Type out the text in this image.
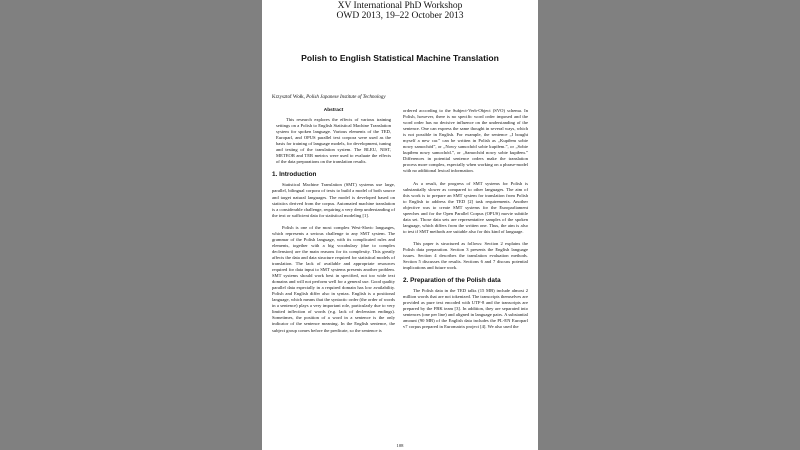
XV International PhD Workshop
OWD 2013, 19–22 October 2013
Polish to English Statistical Machine Translation
Krzysztof Wołk, Polish Japanese Institute of Technology
Abstract

This research explores the effects of various training settings on a Polish to English Statistical Machine Translation system for spoken language. Various elements of the TED, Europarl, and OPUS parallel text corpora were used as the basis for training of language models, for development, tuning and testing of the translation system. The BLEU, NIST, METEOR and TER metrics were used to evaluate the effects of the data preparations on the translation results.

1. Introduction

Statistical Machine Translation (SMT) systems use large, parallel, bilingual corpora of texts to build a model of both source and target natural languages. The model is developed based on statistics derived from the corpus. Automated machine translation is a considerable challenge, requiring a very deep understanding of the text or sufficient data for statistical modeling [1].

Polish is one of the most complex West-Slavic languages, which represents a serious challenge to any SMT system. The grammar of the Polish language, with its complicated rules and elements, together with a big vocabulary (due to complex declension) are the main reasons for its complexity. This greatly affects the data and data structure required for statistical models of translation. The lack of available and appropriate resources required for data input to SMT systems presents another problem. SMT systems should work best in specified, not too wide text domains and will not perform well for a general use. Good quality parallel data especially in a required domain has low availability. Polish and English differ also in syntax. English is a positional language, which means that the syntactic order (the order of words in a sentence) plays a very important role, particularly due to very limited inflection of words (e.g. lack of declension endings). Sometimes, the position of a word in a sentence is the only indicator of the sentence meaning. In the English sentence, the subject group comes before the predicate, so the sentence is

ordered according to the Subject-Verb-Object (SVO) schema. In Polish, however, there is no specific word order imposed and the word order has no decisive influence on the understanding of the sentence. One can express the same thought in several ways, which is not possible in English. For example, the sentence „I bought myself a new car.” can be written in Polish as „Kupiłem sobie nowy samochód”, or „Nowy samochód sobie kupiłem.”, or „Sobie kupiłem nowy samochód.”, or „Samochód nowy sobie kupiłem.” Differences in potential sentence orders make the translation process more complex, especially when working on a phrase-model with no additional lexical information.

As a result, the progress of SMT systems for Polish is substantially slower as compared to other languages. The aim of this work is to prepare an SMT system for translation from Polish to English to address the TED [2] task requirements. Another objective was to create SMT systems for the Europarliament speeches and for the Open Parallel Corpus (OPUS) movie subtitle data set. Those data sets are representative samples of the spoken language, which differs from the written one. Thus, the aim is also to test if SMT methods are suitable also for this kind of language.

This paper is structured as follows: Section 2 explains the Polish data preparation. Section 3 presents the English language issues. Section 4 describes the translation evaluation methods. Section 5 discusses the results. Sections 6 and 7 discuss potential implications and future work.

2. Preparation of the Polish data

The Polish data in the TED talks (15 MB) include almost 2 million words that are not tokenized. The transcripts themselves are provided as pure text encoded with UTF-8 and the transcripts are prepared by the FBK team [3]. In addition, they are separated into sentences (one per line) and aligned in language pairs. A substantial amount (90 MB) of the English data includes the PL-EN Europarl v7 corpus prepared in Euromatrix project [4]. We also used the

108
